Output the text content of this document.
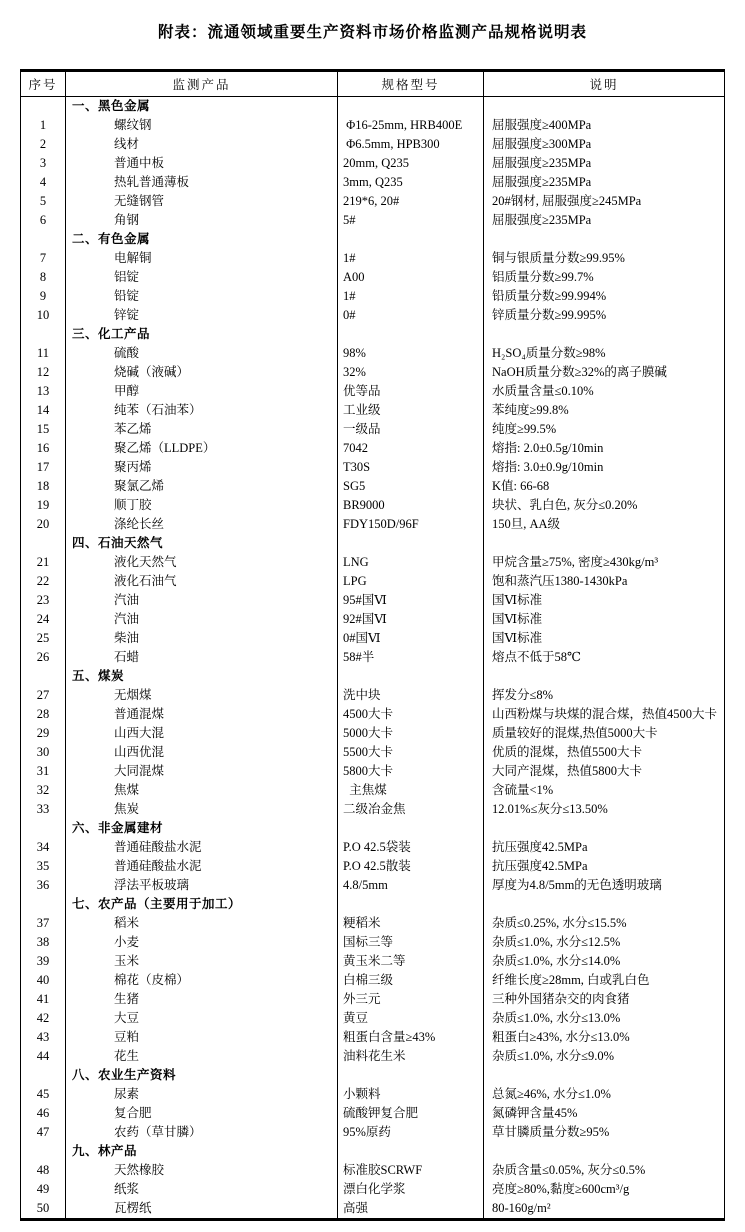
附表：流通领域重要生产资料市场价格监测产品规格说明表
序号	监测产品	规格型号	说明
	一、黑色金属		
1	螺纹钢	Φ16-25mm, HRB400E	屈服强度≥400MPa
2	线材	Φ6.5mm, HPB300	屈服强度≥300MPa
3	普通中板	20mm, Q235	屈服强度≥235MPa
4	热轧普通薄板	3mm, Q235	屈服强度≥235MPa
5	无缝钢管	219*6, 20#	20#钢材, 屈服强度≥245MPa
6	角钢	5#	屈服强度≥235MPa
	二、有色金属		
7	电解铜	1#	铜与银质量分数≥99.95%
8	铝锭	A00	铝质量分数≥99.7%
9	铅锭	1#	铅质量分数≥99.994%
10	锌锭	0#	锌质量分数≥99.995%
	三、化工产品		
11	硫酸	98%	H₂SO₄质量分数≥98%
12	烧碱（液碱）	32%	NaOH质量分数≥32%的离子膜碱
13	甲醇	优等品	水质量含量≤0.10%
14	纯苯（石油苯）	工业级	苯纯度≥99.8%
15	苯乙烯	一级品	纯度≥99.5%
16	聚乙烯（LLDPE）	7042	熔指: 2.0±0.5g/10min
17	聚丙烯	T30S	熔指: 3.0±0.9g/10min
18	聚氯乙烯	SG5	K值: 66-68
19	顺丁胶	BR9000	块状、乳白色, 灰分≤0.20%
20	涤纶长丝	FDY150D/96F	150旦, AA级
	四、石油天然气		
21	液化天然气	LNG	甲烷含量≥75%, 密度≥430kg/m³
22	液化石油气	LPG	饱和蒸汽压1380-1430kPa
23	汽油	95#国Ⅵ	国Ⅵ标准
24	汽油	92#国Ⅵ	国Ⅵ标准
25	柴油	0#国Ⅵ	国Ⅵ标准
26	石蜡	58#半	熔点不低于58℃
	五、煤炭		
27	无烟煤	洗中块	挥发分≤8%
28	普通混煤	4500大卡	山西粉煤与块煤的混合煤，热值4500大卡
29	山西大混	5000大卡	质量较好的混煤,热值5000大卡
30	山西优混	5500大卡	优质的混煤，热值5500大卡
31	大同混煤	5800大卡	大同产混煤，热值5800大卡
32	焦煤	主焦煤	含硫量<1%
33	焦炭	二级冶金焦	12.01%≤灰分≤13.50%
	六、非金属建材		
34	普通硅酸盐水泥	P.O 42.5袋装	抗压强度42.5MPa
35	普通硅酸盐水泥	P.O 42.5散装	抗压强度42.5MPa
36	浮法平板玻璃	4.8/5mm	厚度为4.8/5mm的无色透明玻璃
	七、农产品（主要用于加工）		
37	稻米	粳稻米	杂质≤0.25%, 水分≤15.5%
38	小麦	国标三等	杂质≤1.0%, 水分≤12.5%
39	玉米	黄玉米二等	杂质≤1.0%, 水分≤14.0%
40	棉花（皮棉）	白棉三级	纤维长度≥28mm, 白或乳白色
41	生猪	外三元	三种外国猪杂交的肉食猪
42	大豆	黄豆	杂质≤1.0%, 水分≤13.0%
43	豆粕	粗蛋白含量≥43%	粗蛋白≥43%, 水分≤13.0%
44	花生	油料花生米	杂质≤1.0%, 水分≤9.0%
	八、农业生产资料		
45	尿素	小颗料	总氮≥46%, 水分≤1.0%
46	复合肥	硫酸钾复合肥	氮磷钾含量45%
47	农药（草甘膦）	95%原药	草甘膦质量分数≥95%
	九、林产品		
48	天然橡胶	标准胶SCRWF	杂质含量≤0.05%, 灰分≤0.5%
49	纸浆	漂白化学浆	亮度≥80%,黏度≥600cm³/g
50	瓦楞纸	高强	80-160g/m²
